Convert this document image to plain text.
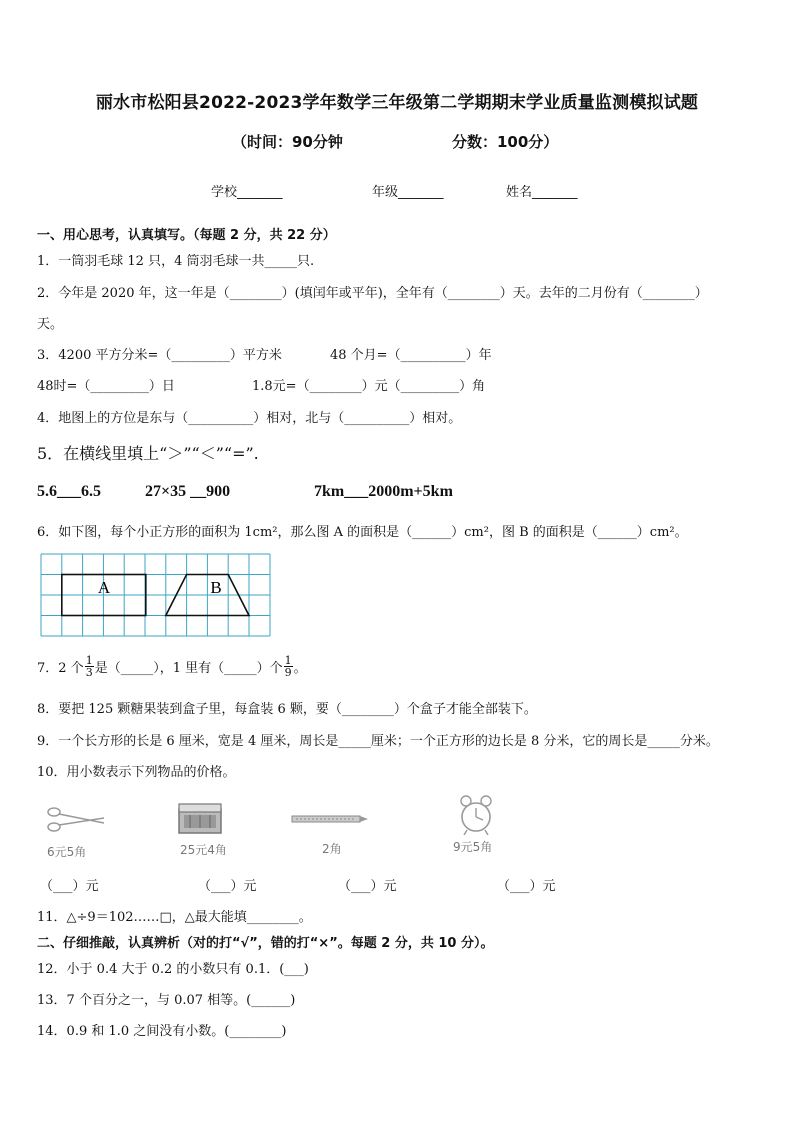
丽水市松阳县2022-2023学年数学三年级第二学期期末学业质量监测模拟试题
（时间：90分钟	分数：100分）
学校_______	年级_______	姓名_______
一、用心思考，认真填写。（每题 2 分，共 22 分）
1．一筒羽毛球 12 只，4 筒羽毛球一共_____只.
2．今年是 2020 年，这一年是（________）(填闰年或平年)，全年有（________）天。去年的二月份有（________）
天。
3．4200 平方分米=（_________）平方米	48 个月=（__________）年
48时=（_________）日	1.8元=（________）元（_________）角
4．地图上的方位是东与（__________）相对，北与（__________）相对。
5．在横线里填上“＞”“＜”“=”.
5.6___6.5	27×35 __900	7km___2000m+5km
6．如下图，每个小正方形的面积为 1cm²，那么图 A 的面积是（______）cm²，图 B 的面积是（______）cm²。
A	B
7．2 个 $\frac{1}{3}$ 是（_____），1 里有（_____）个 $\frac{1}{9}$ 。
8．要把 125 颗糖果装到盒子里，每盒装 6 颗，要（________）个盒子才能全部装下。
9．一个长方形的长是 6 厘米，宽是 4 厘米，周长是_____厘米；一个正方形的边长是 8 分米，它的周长是_____分米。
10．用小数表示下列物品的价格。
6元5角	25元4角	2角	9元5角
（___）元	（___）元	（___）元	（___）元
11．△÷9＝102……□，△最大能填________。
二、仔细推敲，认真辨析（对的打“√”，错的打“×”。每题 2 分，共 10 分）。
12．小于 0.4 大于 0.2 的小数只有 0.1．(___)
13．7 个百分之一，与 0.07 相等。(______)
14．0.9 和 1.0 之间没有小数。(________)
